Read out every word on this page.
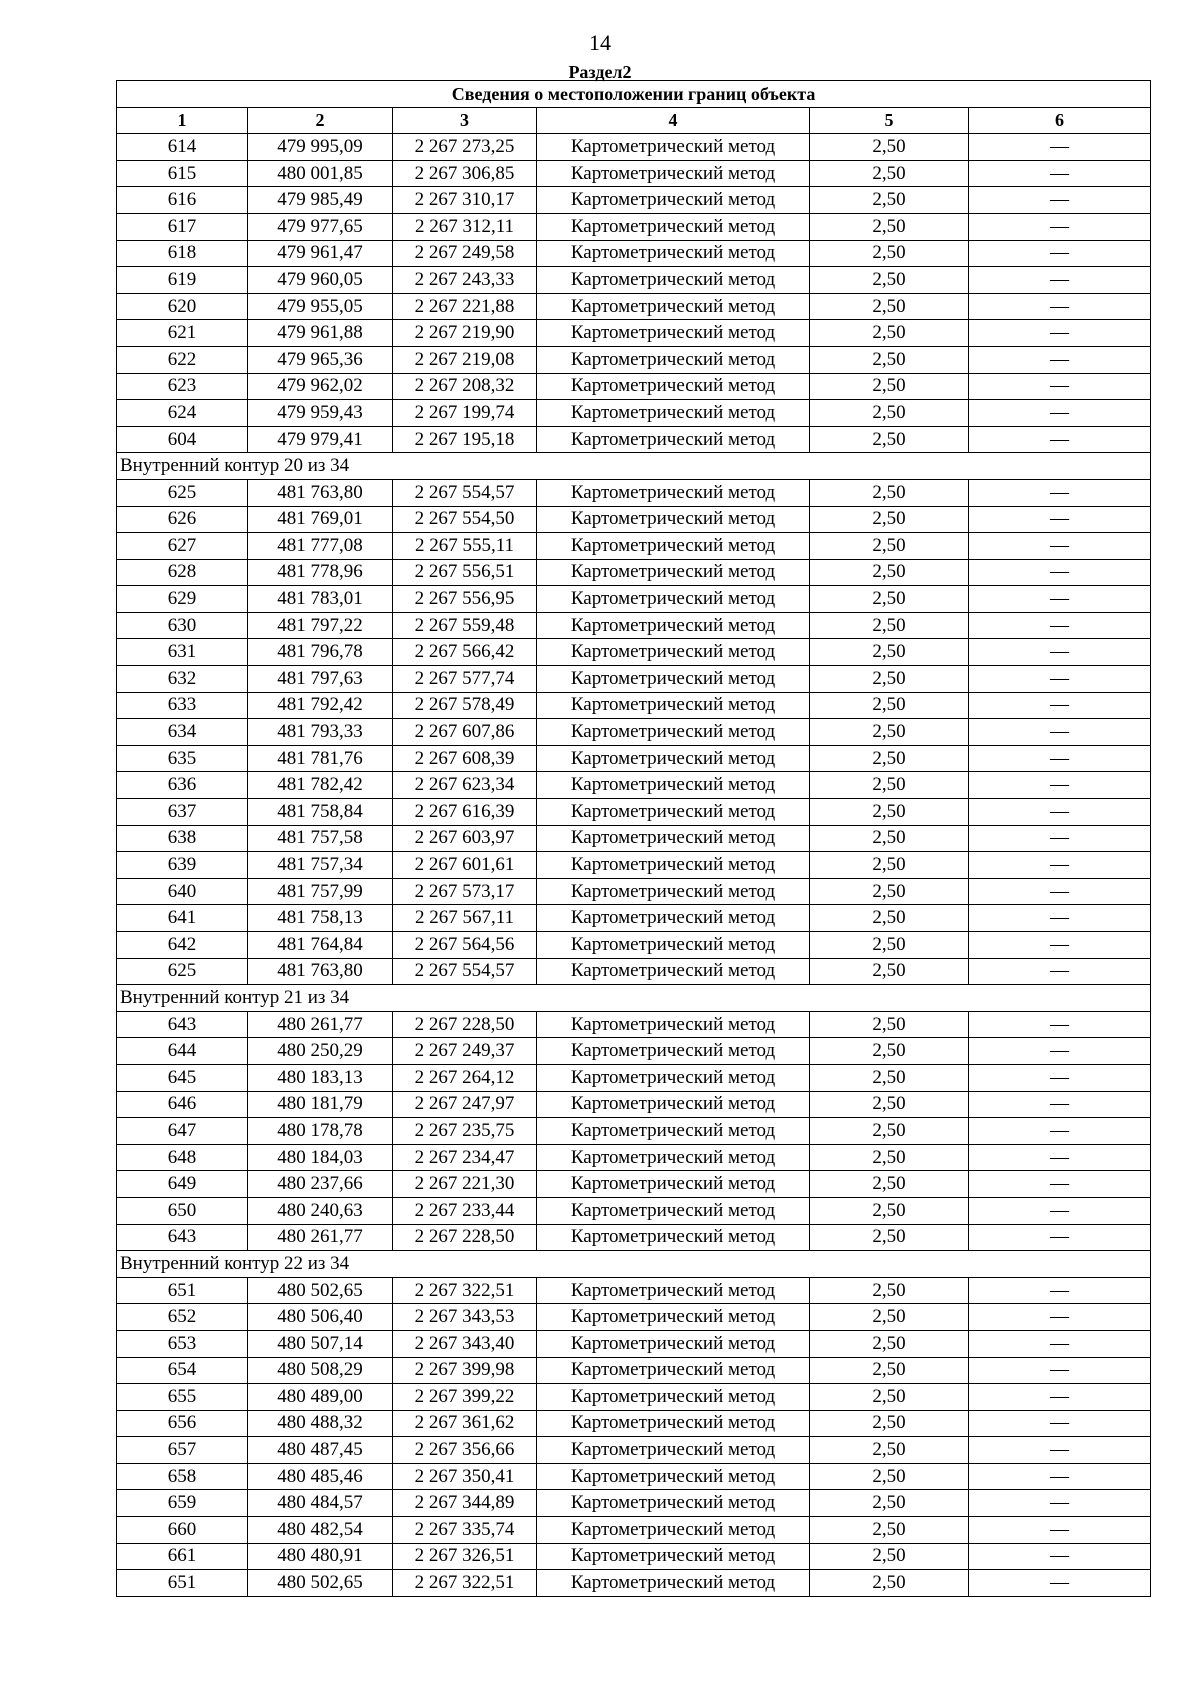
14
Раздел2
Сведения о местоположении границ объекта					
1	2	3	4	5	6
614	479 995,09	2 267 273,25	Картометрический метод	2,50	—
615	480 001,85	2 267 306,85	Картометрический метод	2,50	—
616	479 985,49	2 267 310,17	Картометрический метод	2,50	—
617	479 977,65	2 267 312,11	Картометрический метод	2,50	—
618	479 961,47	2 267 249,58	Картометрический метод	2,50	—
619	479 960,05	2 267 243,33	Картометрический метод	2,50	—
620	479 955,05	2 267 221,88	Картометрический метод	2,50	—
621	479 961,88	2 267 219,90	Картометрический метод	2,50	—
622	479 965,36	2 267 219,08	Картометрический метод	2,50	—
623	479 962,02	2 267 208,32	Картометрический метод	2,50	—
624	479 959,43	2 267 199,74	Картометрический метод	2,50	—
604	479 979,41	2 267 195,18	Картометрический метод	2,50	—
Внутренний контур 20 из 34					
625	481 763,80	2 267 554,57	Картометрический метод	2,50	—
626	481 769,01	2 267 554,50	Картометрический метод	2,50	—
627	481 777,08	2 267 555,11	Картометрический метод	2,50	—
628	481 778,96	2 267 556,51	Картометрический метод	2,50	—
629	481 783,01	2 267 556,95	Картометрический метод	2,50	—
630	481 797,22	2 267 559,48	Картометрический метод	2,50	—
631	481 796,78	2 267 566,42	Картометрический метод	2,50	—
632	481 797,63	2 267 577,74	Картометрический метод	2,50	—
633	481 792,42	2 267 578,49	Картометрический метод	2,50	—
634	481 793,33	2 267 607,86	Картометрический метод	2,50	—
635	481 781,76	2 267 608,39	Картометрический метод	2,50	—
636	481 782,42	2 267 623,34	Картометрический метод	2,50	—
637	481 758,84	2 267 616,39	Картометрический метод	2,50	—
638	481 757,58	2 267 603,97	Картометрический метод	2,50	—
639	481 757,34	2 267 601,61	Картометрический метод	2,50	—
640	481 757,99	2 267 573,17	Картометрический метод	2,50	—
641	481 758,13	2 267 567,11	Картометрический метод	2,50	—
642	481 764,84	2 267 564,56	Картометрический метод	2,50	—
625	481 763,80	2 267 554,57	Картометрический метод	2,50	—
Внутренний контур 21 из 34					
643	480 261,77	2 267 228,50	Картометрический метод	2,50	—
644	480 250,29	2 267 249,37	Картометрический метод	2,50	—
645	480 183,13	2 267 264,12	Картометрический метод	2,50	—
646	480 181,79	2 267 247,97	Картометрический метод	2,50	—
647	480 178,78	2 267 235,75	Картометрический метод	2,50	—
648	480 184,03	2 267 234,47	Картометрический метод	2,50	—
649	480 237,66	2 267 221,30	Картометрический метод	2,50	—
650	480 240,63	2 267 233,44	Картометрический метод	2,50	—
643	480 261,77	2 267 228,50	Картометрический метод	2,50	—
Внутренний контур 22 из 34					
651	480 502,65	2 267 322,51	Картометрический метод	2,50	—
652	480 506,40	2 267 343,53	Картометрический метод	2,50	—
653	480 507,14	2 267 343,40	Картометрический метод	2,50	—
654	480 508,29	2 267 399,98	Картометрический метод	2,50	—
655	480 489,00	2 267 399,22	Картометрический метод	2,50	—
656	480 488,32	2 267 361,62	Картометрический метод	2,50	—
657	480 487,45	2 267 356,66	Картометрический метод	2,50	—
658	480 485,46	2 267 350,41	Картометрический метод	2,50	—
659	480 484,57	2 267 344,89	Картометрический метод	2,50	—
660	480 482,54	2 267 335,74	Картометрический метод	2,50	—
661	480 480,91	2 267 326,51	Картометрический метод	2,50	—
651	480 502,65	2 267 322,51	Картометрический метод	2,50	—
